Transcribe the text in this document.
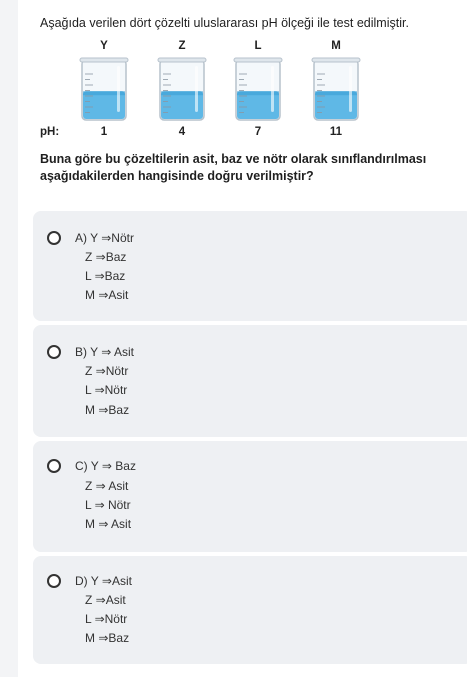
Aşağıda verilen dört çözelti uluslararası pH ölçeği ile test edilmiştir.
pH:
Y
1
Z
4
L
7
M
11
Buna göre bu çözeltilerin asit, baz ve nötr olarak sınıflandırılması aşağıdakilerden hangisinde doğru verilmiştir?
A) Y ⇒Nötr
Z ⇒Baz
L ⇒Baz
M ⇒Asit
B) Y ⇒ Asit
Z ⇒Nötr
L ⇒Nötr
M ⇒Baz
C) Y ⇒ Baz
Z ⇒ Asit
L ⇒ Nötr
M ⇒ Asit
D) Y ⇒Asit
Z ⇒Asit
L ⇒Nötr
M ⇒Baz
